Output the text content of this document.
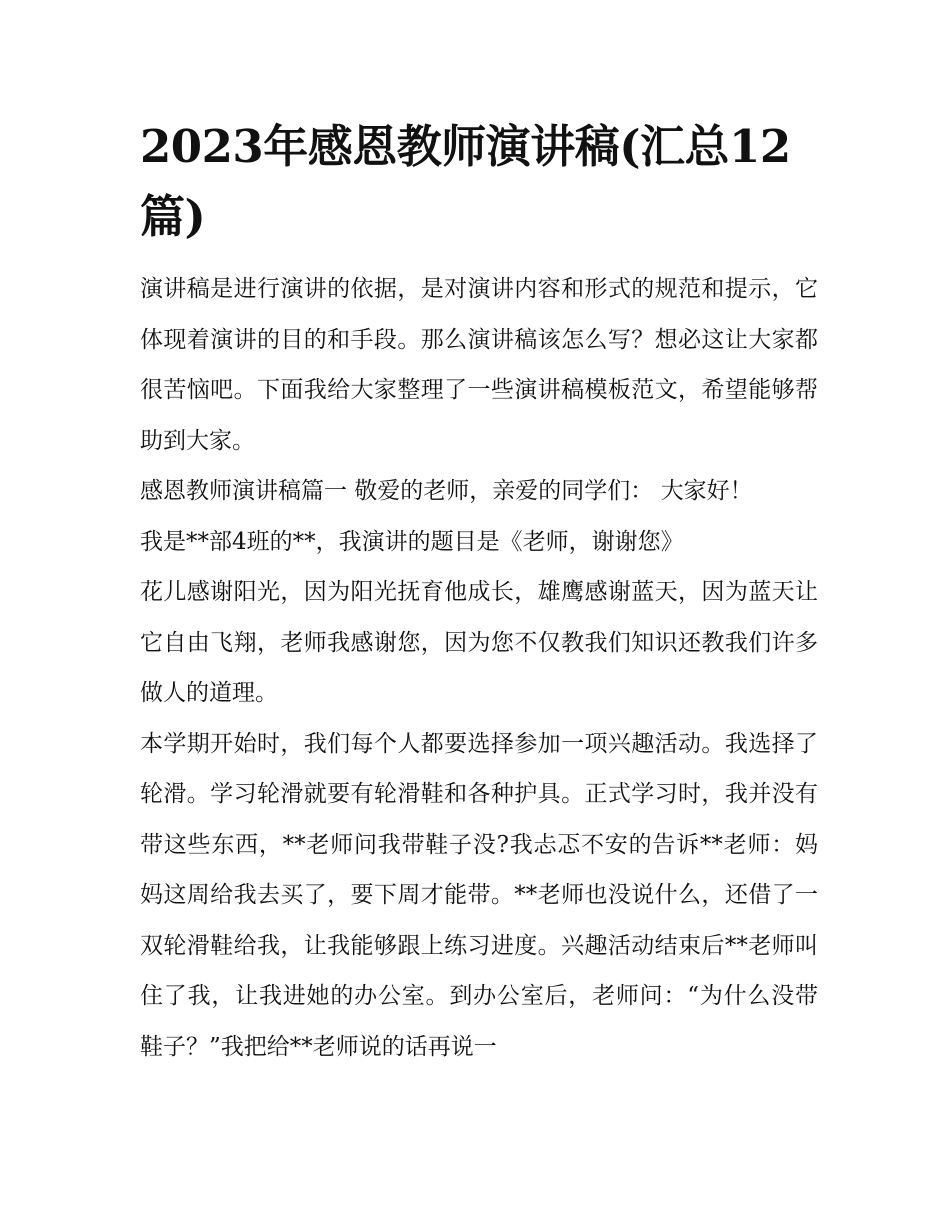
2023年感恩教师演讲稿(汇总12篇)

演讲稿是进行演讲的依据，是对演讲内容和形式的规范和提示，它体现着演讲的目的和手段。那么演讲稿该怎么写？想必这让大家都很苦恼吧。下面我给大家整理了一些演讲稿模板范文，希望能够帮助到大家。

感恩教师演讲稿篇一 敬爱的老师，亲爱的同学们： 大家好！

我是**部4班的**，我演讲的题目是《老师，谢谢您》

花儿感谢阳光，因为阳光抚育他成长，雄鹰感谢蓝天，因为蓝天让它自由飞翔，老师我感谢您，因为您不仅教我们知识还教我们许多做人的道理。

本学期开始时，我们每个人都要选择参加一项兴趣活动。我选择了轮滑。学习轮滑就要有轮滑鞋和各种护具。正式学习时，我并没有带这些东西，**老师问我带鞋子没?我忐忑不安的告诉**老师：妈妈这周给我去买了，要下周才能带。**老师也没说什么，还借了一双轮滑鞋给我，让我能够跟上练习进度。兴趣活动结束后**老师叫住了我，让我进她的办公室。到办公室后，老师问：“为什么没带鞋子？”我把给**老师说的话再说一
